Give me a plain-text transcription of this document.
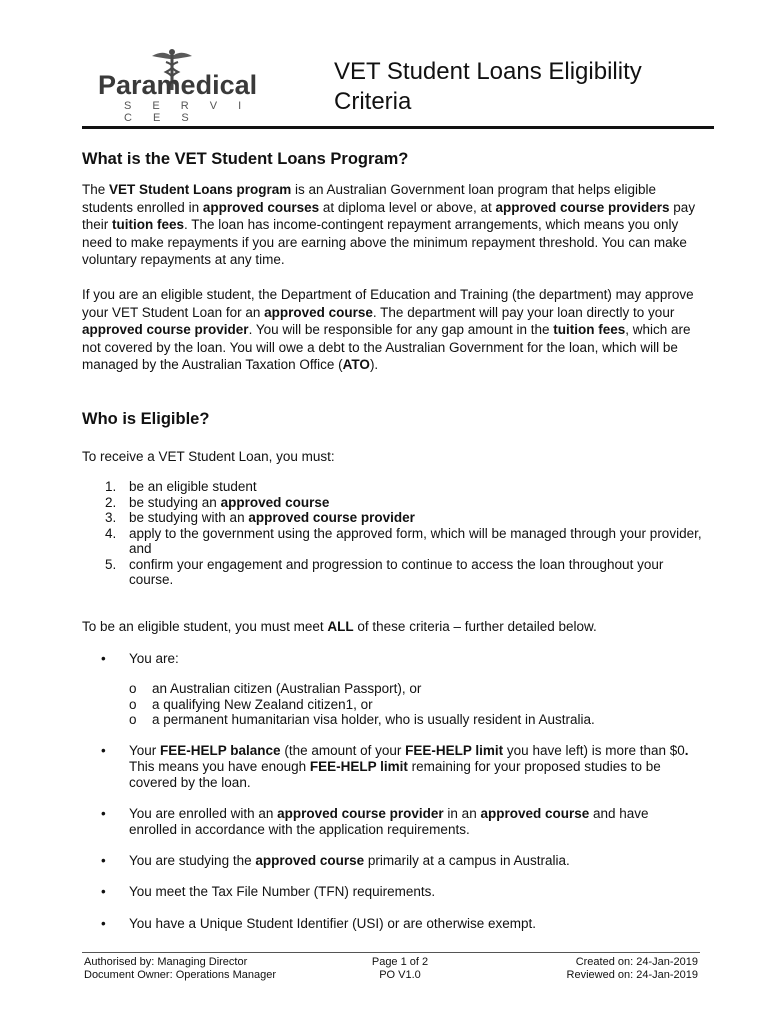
Paramedical
S E R V I C E S
VET Student Loans Eligibility
Criteria
What is the VET Student Loans Program?

The VET Student Loans program is an Australian Government loan program that helps eligible students enrolled in approved courses at diploma level or above, at approved course providers pay their tuition fees. The loan has income-contingent repayment arrangements, which means you only need to make repayments if you are earning above the minimum repayment threshold. You can make voluntary repayments at any time.

If you are an eligible student, the Department of Education and Training (the department) may approve your VET Student Loan for an approved course. The department will pay your loan directly to your approved course provider. You will be responsible for any gap amount in the tuition fees, which are not covered by the loan. You will owe a debt to the Australian Government for the loan, which will be managed by the Australian Taxation Office (ATO).

Who is Eligible?

To receive a VET Student Loan, you must:

1. be an eligible student
2. be studying an approved course
3. be studying with an approved course provider
4. apply to the government using the approved form, which will be managed through your provider, and
5. confirm your engagement and progression to continue to access the loan throughout your course.

To be an eligible student, you must meet ALL of these criteria – further detailed below.

• You are:
o an Australian citizen (Australian Passport), or
o a qualifying New Zealand citizen1, or
o a permanent humanitarian visa holder, who is usually resident in Australia.
• Your FEE-HELP balance (the amount of your FEE-HELP limit you have left) is more than $0. This means you have enough FEE-HELP limit remaining for your proposed studies to be covered by the loan.
• You are enrolled with an approved course provider in an approved course and have enrolled in accordance with the application requirements.
• You are studying the approved course primarily at a campus in Australia.
• You meet the Tax File Number (TFN) requirements.
• You have a Unique Student Identifier (USI) or are otherwise exempt.
Authorised by: Managing Director
Document Owner: Operations Manager
Page 1 of 2
PO V1.0
Created on: 24-Jan-2019
Reviewed on: 24-Jan-2019
